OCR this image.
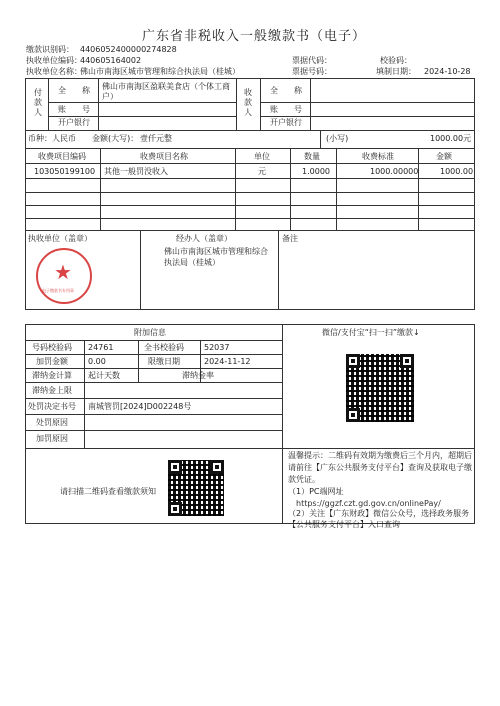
广东省非税收入一般缴款书（电子）
缴款识别码： 4406052400000274828
执收单位编码：
440605164002
执收单位名称：
佛山市南海区城市管理和综合执法局（桂城）
票据代码：
票据号码：
校验码：
填制日期： 2024-10-28
付款人
全　　称 佛山市南海区盈联美食店（个体工商户）
账　　号
开户银行
收款人
全　　称
账　　号
开户银行
币种： 人民币 金额(大写)： 壹仟元整	(小写)	1000.00元
收费项目编码	收费项目名称	单位	数量	收费标准	金额
103050199100 其他一般罚没收入	元	1.0000	1000.00000	1000.00
执收单位（盖章）	经办人（盖章）
佛山市南海区城市管理和综合执法局（桂城）
备注
★
电子缴款书专用章
附加信息	微信/支付宝“扫一扫”缴款↓
号码校验码 24761	全书校验码	52037
加罚金额	0.00	限缴日期	2024-11-12
滞纳金计算 起计天数	滞纳金率
滞纳金上限
处罚决定书号 南城管罚[2024]D002248号
处罚原因
加罚原因
请扫描二维码查看缴款须知
温馨提示：二维码有效期为缴费后三个月内，超期后
请前往【广东公共服务支付平台】查询及获取电子缴
款凭证。
（1）PC端网址
https://ggzf.czt.gd.gov.cn/onlinePay/
（2）关注【广东财政】微信公众号，选择政务服务
【公共服务支付平台】入口查询
